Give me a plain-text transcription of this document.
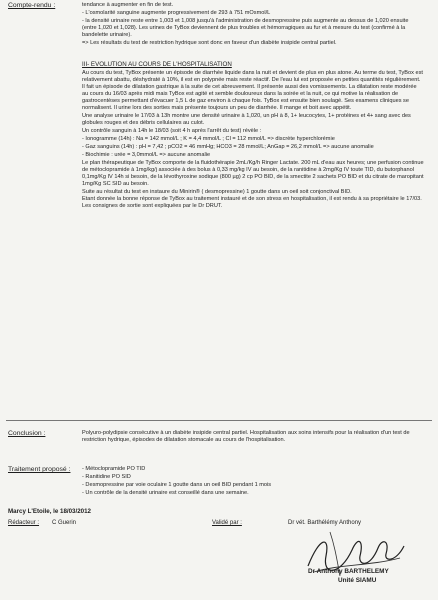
Compte-rendu :	tendance à augmenter en fin de test.

- L'osmolarité sanguine augmente progressivement de 293 à 751 mOsmol/L

- la densité urinaire reste entre 1,003 et 1,008 jusqu'à l'administration de desmopressine puis augmente au dessus de 1,020 ensuite (entre 1,020 et 1,028). Les urines de TyBox deviennent de plus troubles et hémorragiques au fur et à mesure du test (confirmé à la bandelette urinaire).

=> Les résultats du test de restriction hydrique sont donc en faveur d'un diabète insipide central partiel.

III- EVOLUTION AU COURS DE L'HOSPITALISATION

Au cours du test, TyBox présente un épisode de diarrhée liquide dans la nuit et devient de plus en plus atone. Au terme du test, TyBox est relativement abattu, déshydraté à 10%, il est en polypnée mais reste réactif. De l'eau lui est proposée en petites quantités régulièrement. Il fait un épisode de dilatation gastrique à la suite de cet abreuvement. Il présente aussi des vomissements. La dilatation reste modérée au cours du 16/03 après midi mais TyBox est agité et semble douloureux dans la soirée et la nuit, ce qui motive la réalisation de gastrocentèses permettant d'évacuer 1,5 L de gaz environ à chaque fois. TyBox est ensuite bien soulagé. Ses examens cliniques se normalisent. Il urine lors des sorties mais présente toujours un peu de diarrhée. Il mange et boit avec appétit.

Une analyse urinaire le 17/03 à 13h montre une densité urinaire à 1,020, un pH à 8, 1+ leucocytes, 1+ protéines et 4+ sang avec des globules rouges et des débris cellulaires au culot.

Un contrôle sanguin à 14h le 18/03 (soit 4 h après l'arrêt du test) révèle :

- Ionogramme (14h) : Na = 142 mmol/L ; K = 4,4 mmol/L ; Cl = 112 mmol/L => discrète hyperchlorémie

- Gaz sanguins (14h) : pH = 7,42 ; pCO2 = 46 mmHg; HCO3 = 28 mmol/L; AnGap = 26,2 mmol/L => aucune anomalie

- Biochimie : urée = 3,0mmol/L => aucune anomalie

Le plan thérapeutique de TyBox comporte de la fluidothérapie 2mL/Kg/h Ringer Lactate. 200 mL d'eau aux heures; une perfusion continue de métoclopramide à 1mg/kg/j associée à des bolus à 0,33 mg/kg IV au besoin, de la ranitidine à 2mg/Kg IV toute TID, du butorphanol 0,1mg/Kg IV 14h si besoin, de la lévothyroxine sodique (800 µg) 2 cp PO BID, de la smectite 2 sachets PO BID et du citrate de maropitant 1mg/Kg SC SID au besoin.

Suite au résultat du test en instaure du Minirin® ( desmopressine) 1 goutte dans un oeil soit conjonctival BID.

Etant donnée la bonne réponse de TyBox au traitement instauré et de son stress en hospitalisation, il est rendu à sa propriétaire le 17/03. Les consignes de sortie sont expliquées par le Dr DRUT.

Conclusion :	Polyuro-polydipsie consécutive à un diabète insipide central partiel. Hospitalisation aux soins intensifs pour la réalisation d'un test de restriction hydrique, épisodes de dilatation stomacale au cours de l'hospitalisation.

Traitement proposé : - Métoclopramide PO TID

- Ranitidine PO SID

- Desmopressine par voie oculaire 1 goutte dans un oeil BID pendant 1 mois

- Un contrôle de la densité urinaire est conseillé dans une semaine.

Marcy L'Etoile, le 18/03/2012
Rédacteur : C Guerin	Validé par :	Dr vét. Barthélémy Anthony
Dr Anthony BARTHELEMY
Unité SIAMU
